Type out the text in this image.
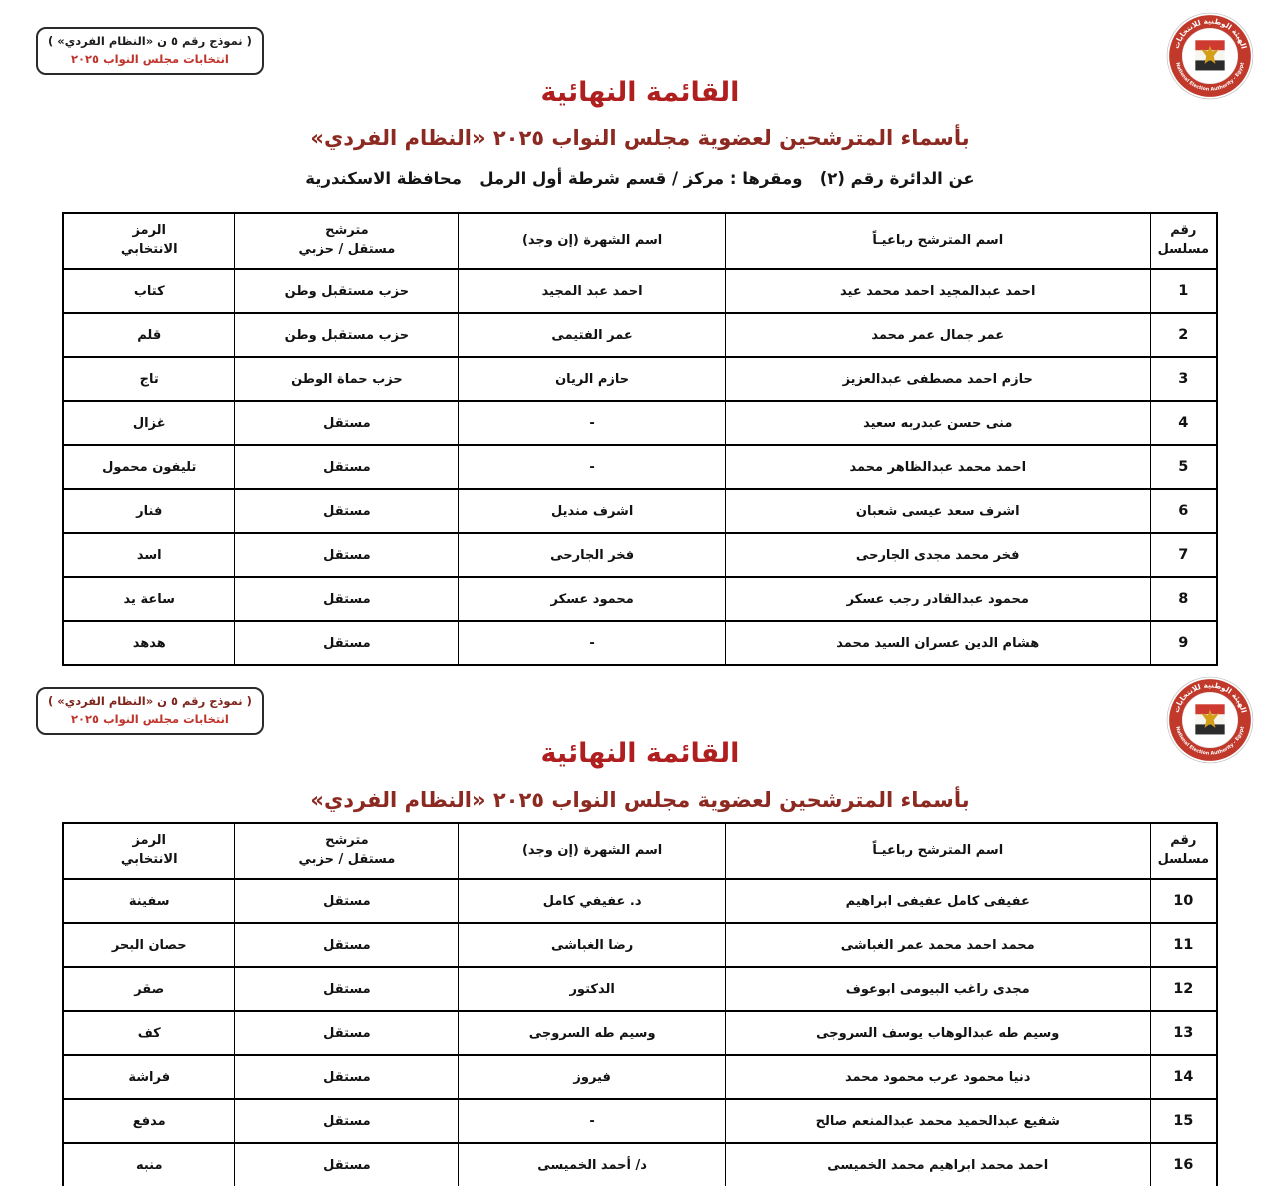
( نموذج رقم ٥ ن «النظام الفردي» )
انتخابات مجلس النواب ٢٠٢٥
الهيئة الوطنية للانتخابات
National Election Authority - Egypt
القائمة النهائية
بأسماء المترشحين لعضوية مجلس النواب ٢٠٢٥ «النظام الفردي»
عن الدائرة رقم (٢)   ومقرها : مركز / قسم شرطة أول الرمل   محافظة الاسكندرية
رقم
مسلسل	اسم المترشح رباعيـاً	اسم الشهرة (إن وجد)	مترشح
مستقل / حزبي	الرمز
الانتخابي

1	احمد عبدالمجيد احمد محمد عيد	احمد عبد المجيد	حزب مستقبل وطن	كتاب
2	عمر جمال عمر محمد	عمر الفتيمى	حزب مستقبل وطن	قلم
3	حازم احمد مصطفى عبدالعزيز	حازم الريان	حزب حماة الوطن	تاج
4	منى حسن عبدربه سعيد	-	مستقل	غزال
5	احمد محمد عبدالظاهر محمد	-	مستقل	تليفون محمول
6	اشرف سعد عيسى شعبان	اشرف منديل	مستقل	فنار
7	فخر محمد مجدى الجارحى	فخر الجارحى	مستقل	اسد
8	محمود عبدالقادر رجب عسكر	محمود عسكر	مستقل	ساعة يد
9	هشام الدين عسران السيد محمد	-	مستقل	هدهد
( نموذج رقم ٥ ن «النظام الفردي» )
انتخابات مجلس النواب ٢٠٢٥
الهيئة الوطنية للانتخابات
National Election Authority - Egypt
القائمة النهائية
بأسماء المترشحين لعضوية مجلس النواب ٢٠٢٥ «النظام الفردي»
رقم
مسلسل	اسم المترشح رباعيـاً	اسم الشهرة (إن وجد)	مترشح
مستقل / حزبي	الرمز
الانتخابي

10	عفيفى كامل عفيفى ابراهيم	د. عفيفي كامل	مستقل	سفينة
11	محمد احمد محمد عمر الغباشى	رضا الغباشى	مستقل	حصان البحر
12	مجدى راغب البيومى ابوعوف	الدكتور	مستقل	صقر
13	وسيم طه عبدالوهاب يوسف السروجى	وسيم طه السروجى	مستقل	كف
14	دنيا محمود عرب محمود محمد	فيروز	مستقل	فراشة
15	شفيع عبدالحميد محمد عبدالمنعم صالح	-	مستقل	مدفع
16	احمد محمد ابراهيم محمد الخميسى	د/ أحمد الخميسى	مستقل	منبه
